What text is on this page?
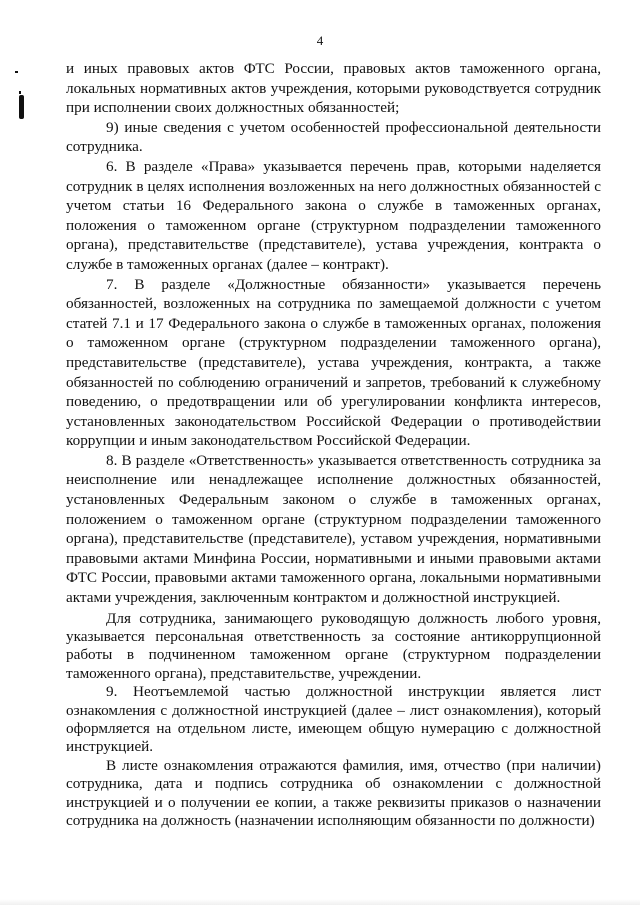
4

и иных правовых актов ФТС России, правовых актов таможенного органа, локальных нормативных актов учреждения, которыми руководствуется сотрудник при исполнении своих должностных обязанностей;

9) иные сведения с учетом особенностей профессиональной деятельности сотрудника.

6. В разделе «Права» указывается перечень прав, которыми наделяется сотрудник в целях исполнения возложенных на него должностных обязанностей с учетом статьи 16 Федерального закона о службе в таможенных органах, положения о таможенном органе (структурном подразделении таможенного органа), представительстве (представителе), устава учреждения, контракта о службе в таможенных органах (далее – контракт).

7. В разделе «Должностные обязанности» указывается перечень обязанностей, возложенных на сотрудника по замещаемой должности с учетом статей 7.1 и 17 Федерального закона о службе в таможенных органах, положения о таможенном органе (структурном подразделении таможенного органа), представительстве (представителе), устава учреждения, контракта, а также обязанностей по соблюдению ограничений и запретов, требований к служебному поведению, о предотвращении или об урегулировании конфликта интересов, установленных законодательством Российской Федерации о противодействии коррупции и иным законодательством Российской Федерации.

8. В разделе «Ответственность» указывается ответственность сотрудника за неисполнение или ненадлежащее исполнение должностных обязанностей, установленных Федеральным законом о службе в таможенных органах, положением о таможенном органе (структурном подразделении таможенного органа), представительстве (представителе), уставом учреждения, нормативными правовыми актами Минфина России, нормативными и иными правовыми актами ФТС России, правовыми актами таможенного органа, локальными нормативными актами учреждения, заключенным контрактом и должностной инструкцией.

Для сотрудника, занимающего руководящую должность любого уровня, указывается персональная ответственность за состояние антикоррупционной работы в подчиненном таможенном органе (структурном подразделении таможенного органа), представительстве, учреждении.

9. Неотъемлемой частью должностной инструкции является лист ознакомления с должностной инструкцией (далее – лист ознакомления), который оформляется на отдельном листе, имеющем общую нумерацию с должностной инструкцией.

В листе ознакомления отражаются фамилия, имя, отчество (при наличии) сотрудника, дата и подпись сотрудника об ознакомлении с должностной инструкцией и о получении ее копии, а также реквизиты приказов о назначении сотрудника на должность (назначении исполняющим обязанности по должности)
